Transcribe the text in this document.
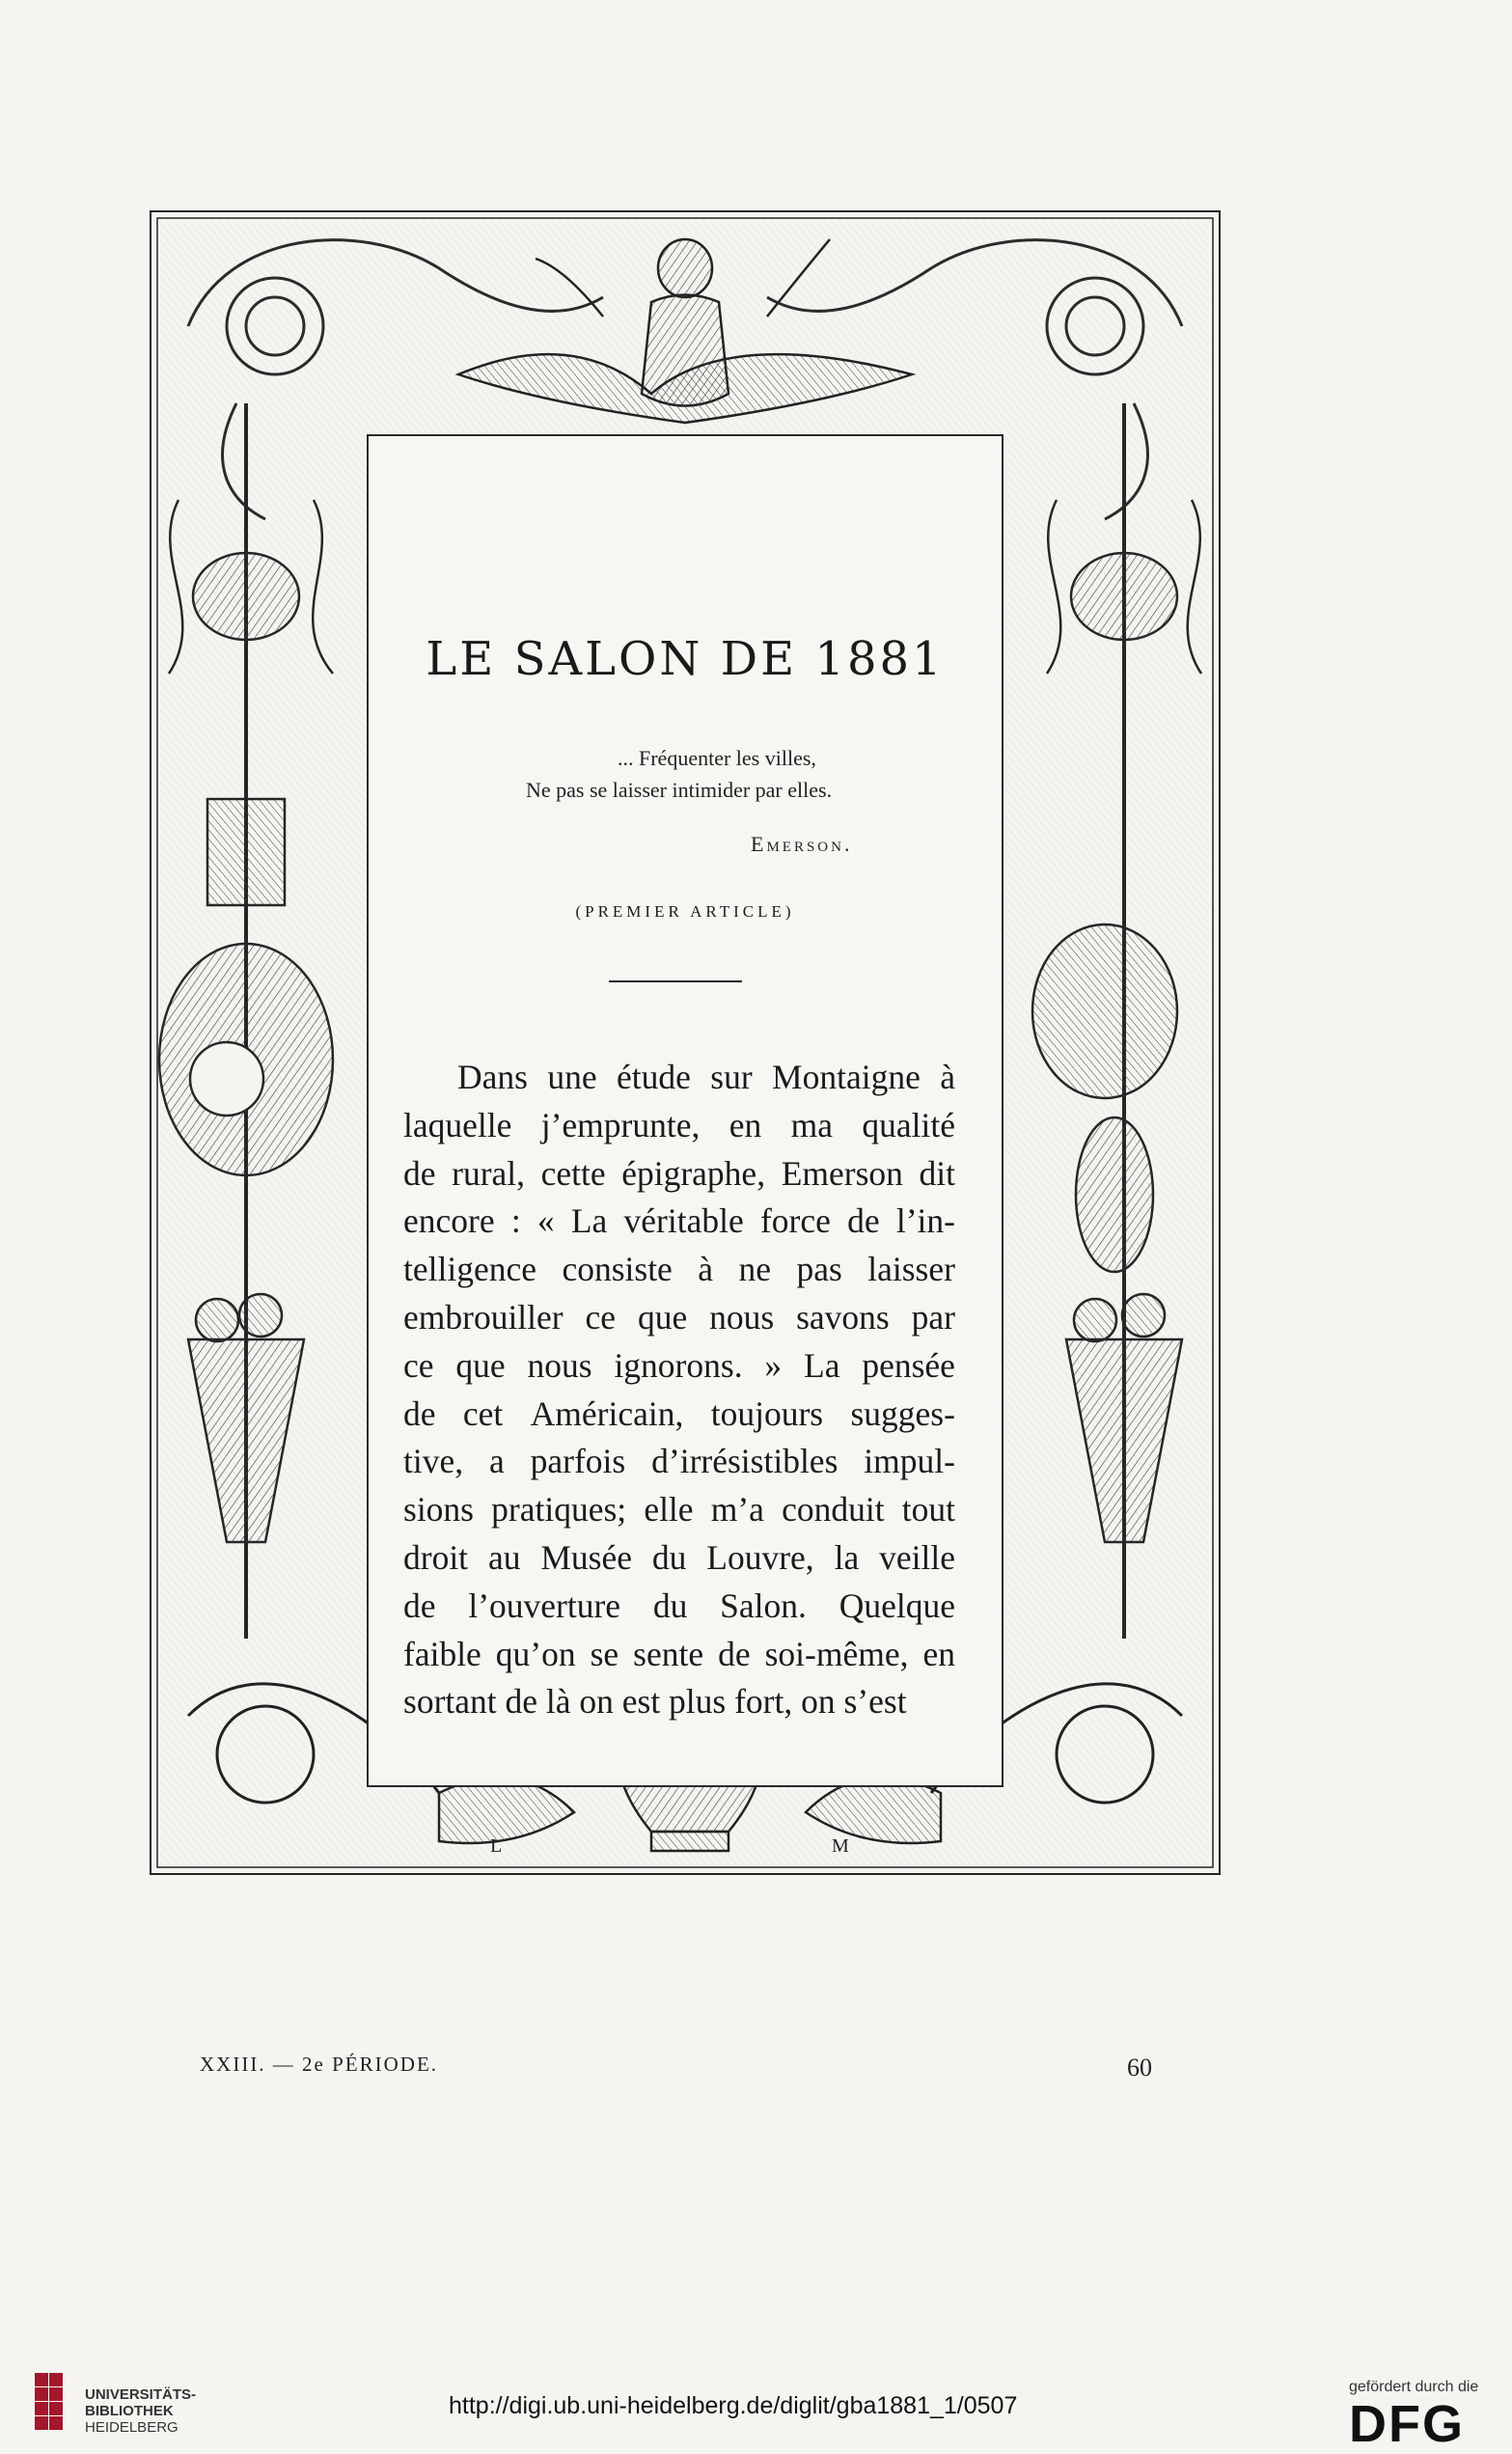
L	M
LE SALON DE 1881
... Fréquenter les villes,
Ne pas se laisser intimider par elles.
Emerson.
(PREMIER ARTICLE)
Dans une étude sur Montaigne à
laquelle j’emprunte, en ma qualité
de rural, cette épigraphe, Emerson dit
encore : « La véritable force de l’in-
telligence consiste à ne pas laisser
embrouiller ce que nous savons par
ce que nous ignorons. » La pensée
de cet Américain, toujours sugges-
tive, a parfois d’irrésistibles impul-
sions pratiques; elle m’a conduit tout
droit au Musée du Louvre, la veille
de l’ouverture du Salon. Quelque
faible qu’on se sente de soi-même, en
sortant de là on est plus fort, on s’est
XXIII. — 2e PÉRIODE.	60
UNIVERSITÄTS-
BIBLIOTHEK
HEIDELBERG
http://digi.ub.uni-heidelberg.de/diglit/gba1881_1/0507
gefördert durch die
DFG
